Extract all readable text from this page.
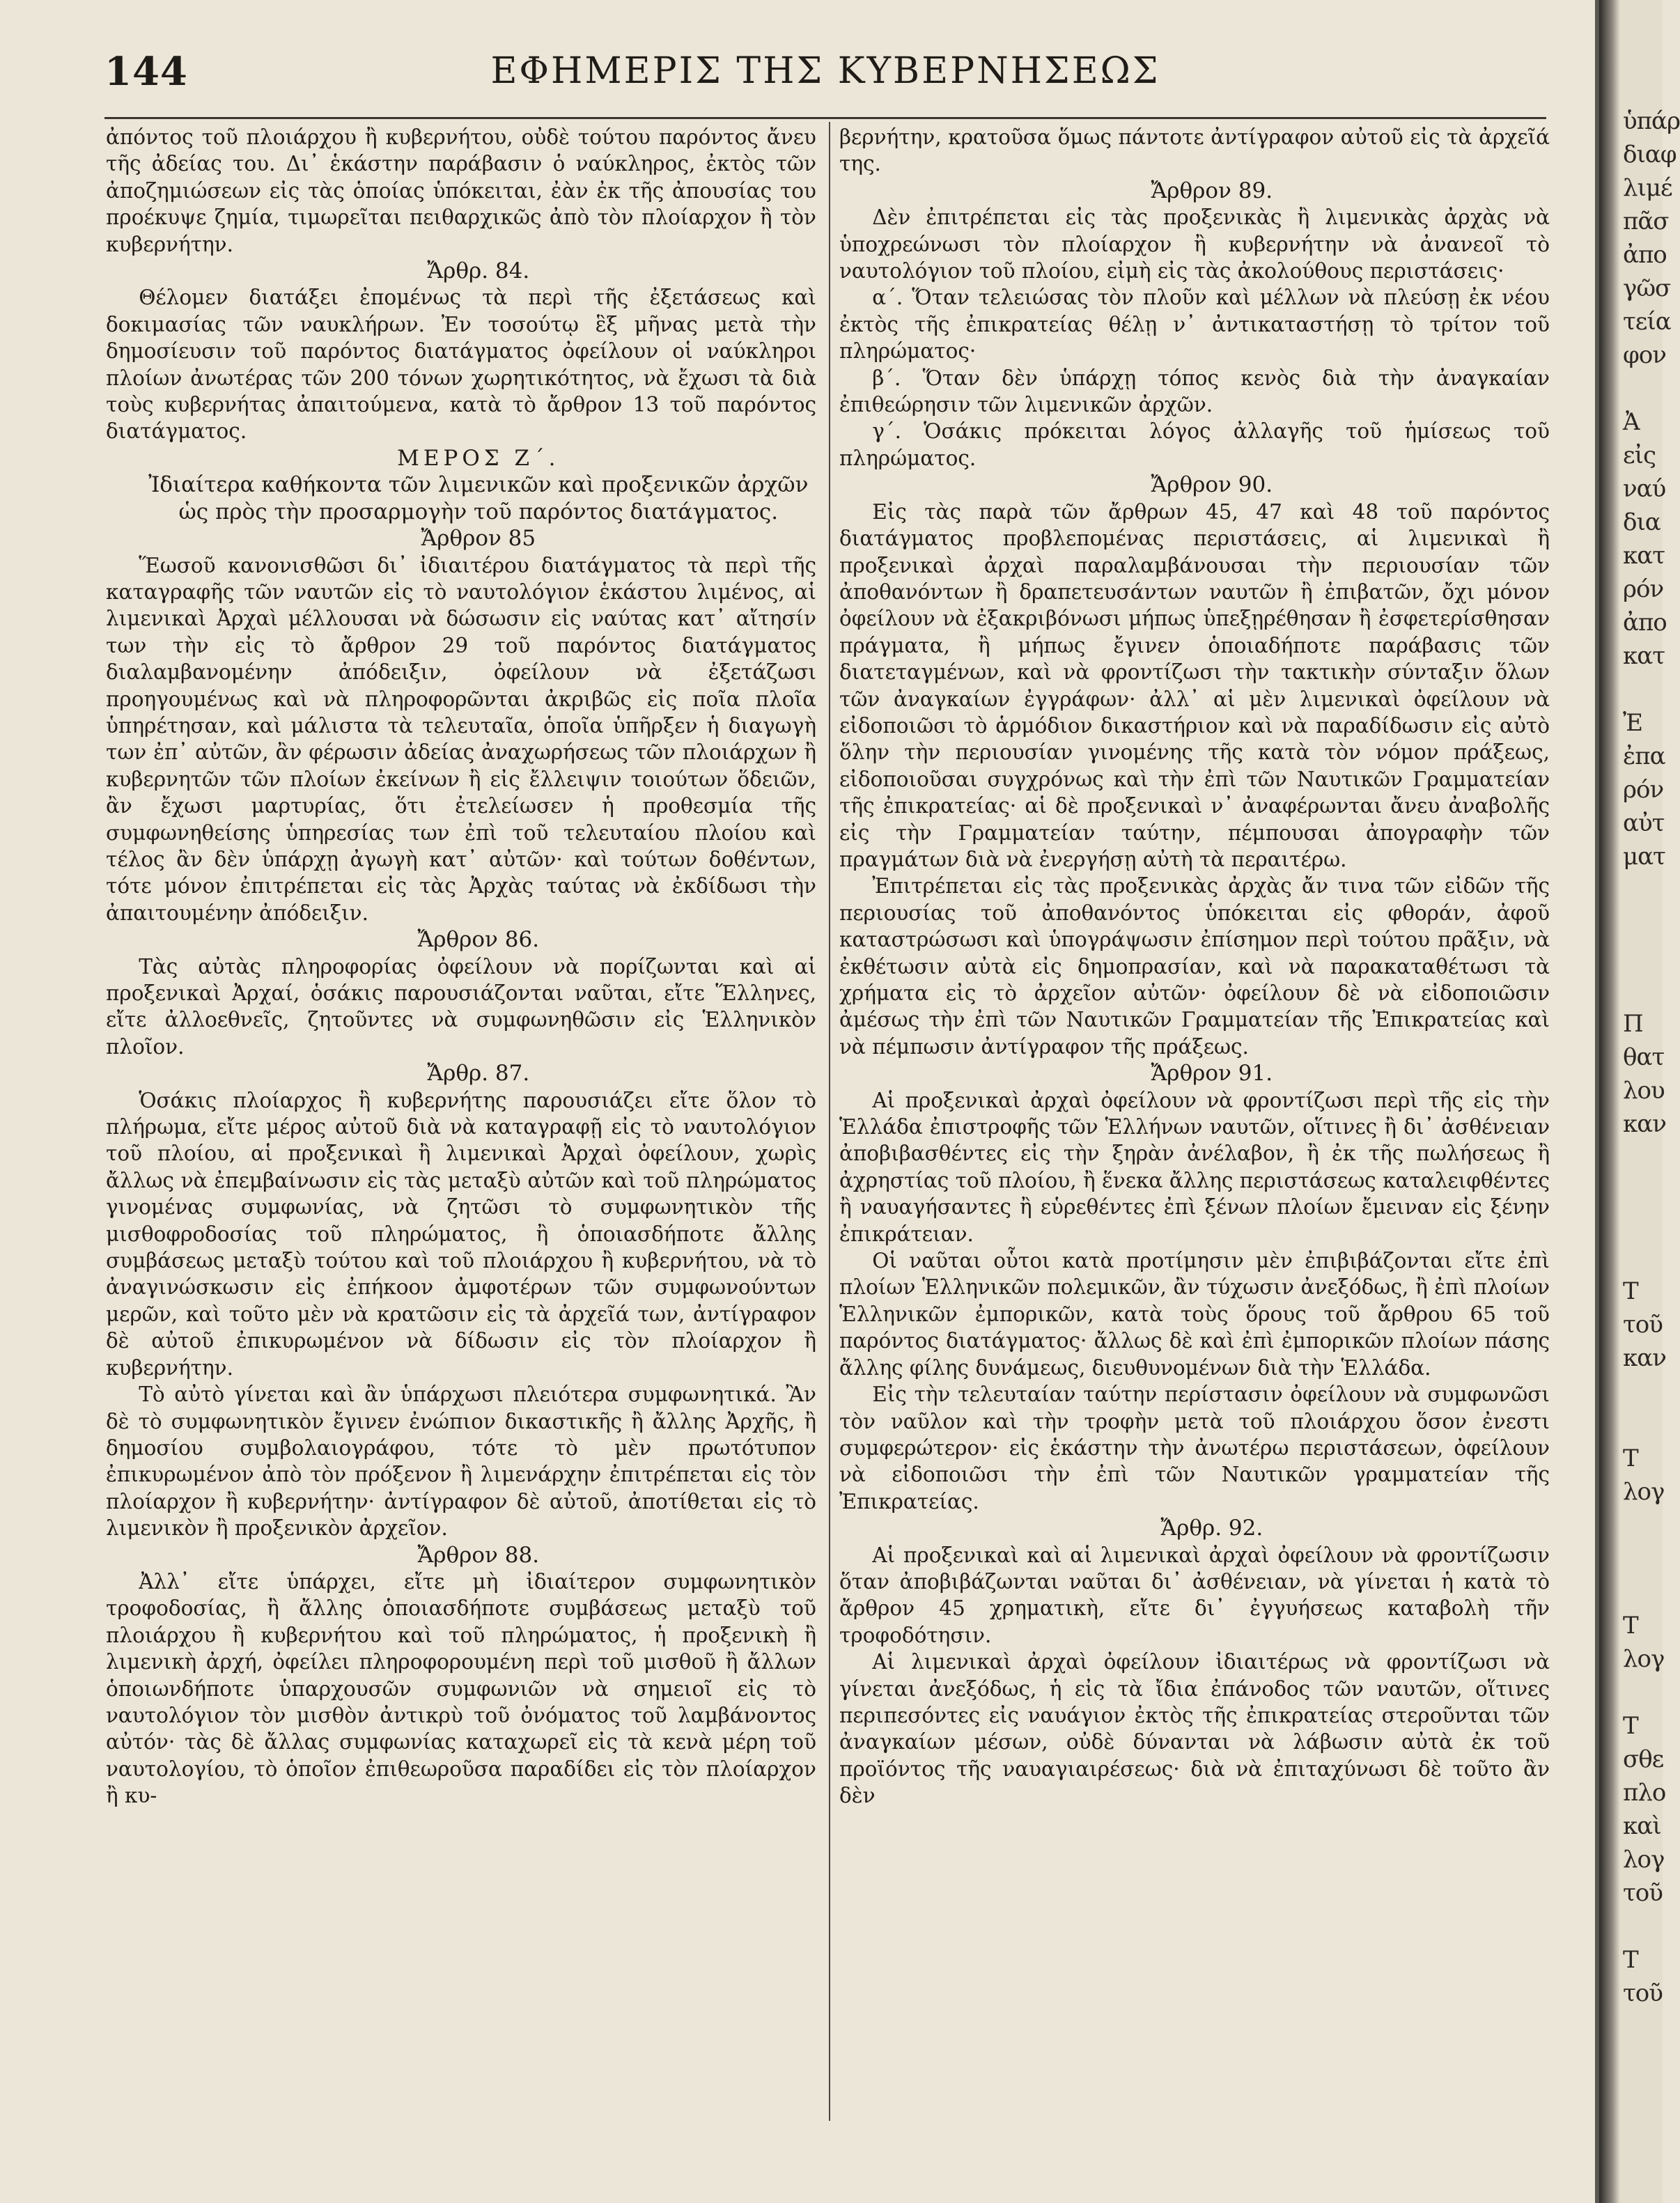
144	ΕΦΗΜΕΡΙΣ ΤΗΣ ΚΥΒΕΡΝΗΣΕΩΣ

ἀπόντος τοῦ πλοιάρχου ἢ κυβερνήτου, οὐδὲ τούτου παρόντος ἄνευ τῆς ἀδείας του. Δι᾽ ἑκάστην παράβασιν ὁ ναύκληρος, ἐκτὸς τῶν ἀποζημιώσεων εἰς τὰς ὁποίας ὑπόκειται, ἐὰν ἐκ τῆς ἀπουσίας του προέκυψε ζημία, τιμωρεῖται πειθαρχικῶς ἀπὸ τὸν πλοίαρχον ἢ τὸν κυβερνήτην.

Ἄρθρ. 84.

Θέλομεν διατάξει ἐπομένως τὰ περὶ τῆς ἐξετάσεως καὶ δοκιμασίας τῶν ναυκλήρων. Ἐν τοσούτῳ ἓξ μῆνας μετὰ τὴν δημοσίευσιν τοῦ παρόντος διατάγματος ὀφείλουν οἱ ναύκληροι πλοίων ἀνωτέρας τῶν 200 τόνων χωρητικότητος, νὰ ἔχωσι τὰ διὰ τοὺς κυβερνήτας ἀπαιτούμενα, κατὰ τὸ ἄρθρον 13 τοῦ παρόντος διατάγματος.

ΜΕΡΟΣ Ζ΄.

Ἰδιαίτερα καθήκοντα τῶν λιμενικῶν καὶ προξενικῶν ἀρχῶν

ὡς πρὸς τὴν προσαρμογὴν τοῦ παρόντος διατάγματος.

Ἄρθρον 85

Ἕωσοῦ κανονισθῶσι δι᾽ ἰδιαιτέρου διατάγματος τὰ περὶ τῆς καταγραφῆς τῶν ναυτῶν εἰς τὸ ναυτολόγιον ἑκάστου λιμένος, αἱ λιμενικαὶ Ἀρχαὶ μέλλουσαι νὰ δώσωσιν εἰς ναύτας κατ᾽ αἴτησίν των τὴν εἰς τὸ ἄρθρον 29 τοῦ παρόντος διατάγματος διαλαμβανομένην ἀπόδειξιν, ὀφείλουν νὰ ἐξετάζωσι προηγουμένως καὶ νὰ πληροφορῶνται ἀκριβῶς εἰς ποῖα πλοῖα ὑπηρέτησαν, καὶ μάλιστα τὰ τελευταῖα, ὁποῖα ὑπῆρξεν ἡ διαγωγὴ των ἐπ᾽ αὐτῶν, ἂν φέρωσιν ἀδείας ἀναχωρήσεως τῶν πλοιάρχων ἢ κυβερνητῶν τῶν πλοίων ἐκείνων ἢ εἰς ἔλλειψιν τοιούτων ὅδειῶν, ἂν ἔχωσι μαρτυρίας, ὅτι ἐτελείωσεν ἡ προθεσμία τῆς συμφωνηθείσης ὑπηρεσίας των ἐπὶ τοῦ τελευταίου πλοίου καὶ τέλος ἂν δὲν ὑπάρχῃ ἀγωγὴ κατ᾽ αὐτῶν· καὶ τούτων δοθέντων, τότε μόνον ἐπιτρέπεται εἰς τὰς Ἀρχὰς ταύτας νὰ ἐκδίδωσι τὴν ἀπαιτουμένην ἀπόδειξιν.

Ἄρθρον 86.

Τὰς αὐτὰς πληροφορίας ὀφείλουν νὰ πορίζωνται καὶ αἱ προξενικαὶ Ἀρχαί, ὁσάκις παρουσιάζονται ναῦται, εἴτε Ἕλληνες, εἴτε ἀλλοεθνεῖς, ζητοῦντες νὰ συμφωνηθῶσιν εἰς Ἑλληνικὸν πλοῖον.

Ἄρθρ. 87.

Ὁσάκις πλοίαρχος ἢ κυβερνήτης παρουσιάζει εἴτε ὅλον τὸ πλήρωμα, εἴτε μέρος αὐτοῦ διὰ νὰ καταγραφῇ εἰς τὸ ναυτολόγιον τοῦ πλοίου, αἱ προξενικαὶ ἢ λιμενικαὶ Ἀρχαὶ ὀφείλουν, χωρὶς ἄλλως νὰ ἐπεμβαίνωσιν εἰς τὰς μεταξὺ αὐτῶν καὶ τοῦ πληρώματος γινομένας συμφωνίας, νὰ ζητῶσι τὸ συμφωνητικὸν τῆς μισθοφροδοσίας τοῦ πληρώματος, ἢ ὁποιασδήποτε ἄλλης συμβάσεως μεταξὺ τούτου καὶ τοῦ πλοιάρχου ἢ κυβερνήτου, νὰ τὸ ἀναγινώσκωσιν εἰς ἐπήκοον ἀμφοτέρων τῶν συμφωνούντων μερῶν, καὶ τοῦτο μὲν νὰ κρατῶσιν εἰς τὰ ἀρχεῖά των, ἀντίγραφον δὲ αὐτοῦ ἐπικυρωμένον νὰ δίδωσιν εἰς τὸν πλοίαρχον ἢ κυβερνήτην.

Τὸ αὐτὸ γίνεται καὶ ἂν ὑπάρχωσι πλειότερα συμφωνητικά. Ἂν δὲ τὸ συμφωνητικὸν ἔγινεν ἐνώπιον δικαστικῆς ἢ ἄλλης Ἀρχῆς, ἢ δημοσίου συμβολαιογράφου, τότε τὸ μὲν πρωτότυπον ἐπικυρωμένον ἀπὸ τὸν πρόξενον ἢ λιμενάρχην ἐπιτρέπεται εἰς τὸν πλοίαρχον ἢ κυβερνήτην· ἀντίγραφον δὲ αὐτοῦ, ἀποτίθεται εἰς τὸ λιμενικὸν ἢ προξενικὸν ἀρχεῖον.

Ἄρθρον 88.

Ἀλλ᾽ εἴτε ὑπάρχει, εἴτε μὴ ἰδιαίτερον συμφωνητικὸν τροφοδοσίας, ἢ ἄλλης ὁποιασδήποτε συμβάσεως μεταξὺ τοῦ πλοιάρχου ἢ κυβερνήτου καὶ τοῦ πληρώματος, ἡ προξενικὴ ἢ λιμενικὴ ἀρχή, ὀφείλει πληροφορουμένη περὶ τοῦ μισθοῦ ἢ ἄλλων ὁποιωνδήποτε ὑπαρχουσῶν συμφωνιῶν νὰ σημειοῖ εἰς τὸ ναυτολόγιον τὸν μισθὸν ἀντικρὺ τοῦ ὀνόματος τοῦ λαμβάνοντος αὐτόν· τὰς δὲ ἄλλας συμφωνίας καταχωρεῖ εἰς τὰ κενὰ μέρη τοῦ ναυτολογίου, τὸ ὁποῖον ἐπιθεωροῦσα παραδίδει εἰς τὸν πλοίαρχον ἢ κυ-

βερνήτην, κρατοῦσα ὅμως πάντοτε ἀντίγραφον αὐτοῦ εἰς τὰ ἀρχεῖά της.

Ἄρθρον 89.

Δὲν ἐπιτρέπεται εἰς τὰς προξενικὰς ἢ λιμενικὰς ἀρχὰς νὰ ὑποχρεώνωσι τὸν πλοίαρχον ἢ κυβερνήτην νὰ ἀνανεοῖ τὸ ναυτολόγιον τοῦ πλοίου, εἰμὴ εἰς τὰς ἀκολούθους περιστάσεις·

α΄. Ὅταν τελειώσας τὸν πλοῦν καὶ μέλλων νὰ πλεύσῃ ἐκ νέου ἐκτὸς τῆς ἐπικρατείας θέλῃ ν᾽ ἀντικαταστήσῃ τὸ τρίτον τοῦ πληρώματος·

β΄. Ὅταν δὲν ὑπάρχῃ τόπος κενὸς διὰ τὴν ἀναγκαίαν ἐπιθεώρησιν τῶν λιμενικῶν ἀρχῶν.

γ΄. Ὁσάκις πρόκειται λόγος ἀλλαγῆς τοῦ ἡμίσεως τοῦ πληρώματος.

Ἄρθρον 90.

Εἰς τὰς παρὰ τῶν ἄρθρων 45, 47 καὶ 48 τοῦ παρόντος διατάγματος προβλεπομένας περιστάσεις, αἱ λιμενικαὶ ἢ προξενικαὶ ἀρχαὶ παραλαμβάνουσαι τὴν περιουσίαν τῶν ἀποθανόντων ἢ δραπετευσάντων ναυτῶν ἢ ἐπιβατῶν, ὄχι μόνον ὀφείλουν νὰ ἐξακριβόνωσι μήπως ὑπεξῃρέθησαν ἢ ἐσφετερίσθησαν πράγματα, ἢ μήπως ἔγινεν ὁποιαδήποτε παράβασις τῶν διατεταγμένων, καὶ νὰ φροντίζωσι τὴν τακτικὴν σύνταξιν ὅλων τῶν ἀναγκαίων ἐγγράφων· ἀλλ᾽ αἱ μὲν λιμενικαὶ ὀφείλουν νὰ εἰδοποιῶσι τὸ ἁρμόδιον δικαστήριον καὶ νὰ παραδίδωσιν εἰς αὐτὸ ὅλην τὴν περιουσίαν γινομένης τῆς κατὰ τὸν νόμον πράξεως, εἰδοποιοῦσαι συγχρόνως καὶ τὴν ἐπὶ τῶν Ναυτικῶν Γραμματείαν τῆς ἐπικρατείας· αἱ δὲ προξενικαὶ ν᾽ ἀναφέρωνται ἄνευ ἀναβολῆς εἰς τὴν Γραμματείαν ταύτην, πέμπουσαι ἀπογραφὴν τῶν πραγμάτων διὰ νὰ ἐνεργήσῃ αὐτὴ τὰ περαιτέρω.

Ἐπιτρέπεται εἰς τὰς προξενικὰς ἀρχὰς ἄν τινα τῶν εἰδῶν τῆς περιουσίας τοῦ ἀποθανόντος ὑπόκειται εἰς φθοράν, ἀφοῦ καταστρώσωσι καὶ ὑπογράψωσιν ἐπίσημον περὶ τούτου πρᾶξιν, νὰ ἐκθέτωσιν αὐτὰ εἰς δημοπρασίαν, καὶ νὰ παρακαταθέτωσι τὰ χρήματα εἰς τὸ ἀρχεῖον αὐτῶν· ὀφείλουν δὲ νὰ εἰδοποιῶσιν ἀμέσως τὴν ἐπὶ τῶν Ναυτικῶν Γραμματείαν τῆς Ἐπικρατείας καὶ νὰ πέμπωσιν ἀντίγραφον τῆς πράξεως.

Ἄρθρον 91.

Αἱ προξενικαὶ ἀρχαὶ ὀφείλουν νὰ φροντίζωσι περὶ τῆς εἰς τὴν Ἑλλάδα ἐπιστροφῆς τῶν Ἑλλήνων ναυτῶν, οἵτινες ἢ δι᾽ ἀσθένειαν ἀποβιβασθέντες εἰς τὴν ξηρὰν ἀνέλαβον, ἢ ἐκ τῆς πωλήσεως ἢ ἀχρηστίας τοῦ πλοίου, ἢ ἕνεκα ἄλλης περιστάσεως καταλειφθέντες ἢ ναυαγήσαντες ἢ εὑρεθέντες ἐπὶ ξένων πλοίων ἔμειναν εἰς ξένην ἐπικράτειαν.

Οἱ ναῦται οὗτοι κατὰ προτίμησιν μὲν ἐπιβιβάζονται εἴτε ἐπὶ πλοίων Ἑλληνικῶν πολεμικῶν, ἂν τύχωσιν ἀνεξόδως, ἢ ἐπὶ πλοίων Ἑλληνικῶν ἐμπορικῶν, κατὰ τοὺς ὅρους τοῦ ἄρθρου 65 τοῦ παρόντος διατάγματος· ἄλλως δὲ καὶ ἐπὶ ἐμπορικῶν πλοίων πάσης ἄλλης φίλης δυνάμεως, διευθυνομένων διὰ τὴν Ἑλλάδα.

Εἰς τὴν τελευταίαν ταύτην περίστασιν ὀφείλουν νὰ συμφωνῶσι τὸν ναῦλον καὶ τὴν τροφὴν μετὰ τοῦ πλοιάρχου ὅσον ἐνεστι συμφερώτερον· εἰς ἑκάστην τὴν ἀνωτέρω περιστάσεων, ὀφείλουν νὰ εἰδοποιῶσι τὴν ἐπὶ τῶν Ναυτικῶν γραμματείαν τῆς Ἐπικρατείας.

Ἄρθρ. 92.

Αἱ προξενικαὶ καὶ αἱ λιμενικαὶ ἀρχαὶ ὀφείλουν νὰ φροντίζωσιν ὅταν ἀποβιβάζωνται ναῦται δι᾽ ἀσθένειαν, νὰ γίνεται ἡ κατὰ τὸ ἄρθρον 45 χρηματικὴ, εἴτε δι᾽ ἐγγυήσεως καταβολὴ τῆν τροφοδότησιν.

Αἱ λιμενικαὶ ἀρχαὶ ὀφείλουν ἰδιαιτέρως νὰ φροντίζωσι νὰ γίνεται ἀνεξόδως, ἡ εἰς τὰ ἴδια ἐπάνοδος τῶν ναυτῶν, οἵτινες περιπεσόντες εἰς ναυάγιον ἐκτὸς τῆς ἐπικρατείας στεροῦνται τῶν ἀναγκαίων μέσων, οὐδὲ δύνανται νὰ λάβωσιν αὐτὰ ἐκ τοῦ προϊόντος τῆς ναυαγιαιρέσεως· διὰ νὰ ἐπιταχύνωσι δὲ τοῦτο ἂν δὲν

ὑπάρ
διαφ
λιμέ
πᾶσ
ἀπο
γῶσ
τεία
φον

Ἀ
εἰς
ναύ
δια
κατ
ρόν
ἀπο
κατ

Ἐ
ἐπα
ρόν
αὐτ
ματ

Π
θατ
λου
καν

Τ
τοῦ
καν

Τ
λογ

Τ
λογ

Τ
σθε
πλο
καὶ
λογ
τοῦ

Τ
τοῦ
